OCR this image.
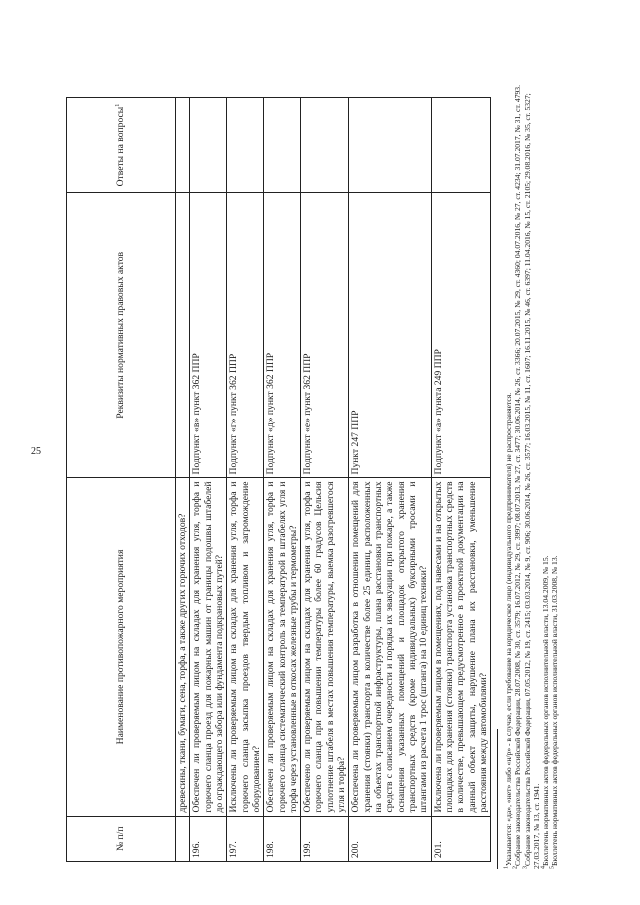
25
№ п/п	Наименование противопожарного мероприятия	Реквизиты нормативных правовых актов	Ответы на вопросы$^1$
	древесины, ткани, бумаги, сена, торфа, а также других горючих отходов?		
196.	Обеспечен ли проверяемым лицом на складах для хранения угля, торфа и горючего сланца проезд для пожарных машин от границы подошвы штабелей до ограждающего забора или фундамента подкрановых путей?	Подпункт «в» пункт 362 ППР	
197.	Исключены ли проверяемым лицом на складах для хранения угля, торфа и горючего сланца засыпка проездов твердым топливом и загромождение оборудованием?	Подпункт «г» пункт 362 ППР	
198.	Обеспечен ли проверяемым лицом на складах для хранения угля, торфа и горючего сланца систематический контроль за температурой в штабелях угля и торфа через установленные в откосах железные трубы и термометры?	Подпункт «д» пункт 362 ППР	
199.	Обеспечено ли проверяемым лицом на складах для хранения угля, торфа и горючего сланца при повышении температуры более 60 градусов Цельсия уплотнение штабеля в местах повышения температуры, выемка разогревшегося угля и торфа?	Подпункт «е» пункт 362 ППР	
200.	Обеспечена ли проверяемым лицом разработка в отношении помещений для хранения (стоянки) транспорта в количестве более 25 единиц, расположенных на объектах транспортной инфраструктуры, плана расстановки транспортных средств с описанием очередности и порядка их эвакуации при пожаре, а также оснащения указанных помещений и площадок открытого хранения транспортных средств (кроме индивидуальных) буксирными тросами и штангами из расчета 1 трос (штанга) на 10 единиц техники?	Пункт 247 ППР	
201.	Исключена ли проверяемым лицом в помещениях, под навесами и на открытых площадках для хранения (стоянки) транспорта установка транспортных средств в количестве, превышающем предусмотренное в проектной документации на данный объект защиты, нарушение плана их расстановки, уменьшение расстояния между автомобилями?	Подпункт «а» пункта 249 ППР	

$^1$Указывается: «да», «нет» либо «н/р» - в случае, если требование на юридическое лицо (индивидуального предпринимателя) не распространяется.

$^2$Собрание законодательства Российской Федерации, 28.07.2008, № 30, ст. 3579; 16.07.2012, № 29, ст. 3997; 08.07.2013, № 27, ст. 3477; 30.06.2014, № 26, ст. 3366; 20.07.2015, № 29, ст. 4360; 04.07.2016, № 27, ст. 4234; 31.07.2017, № 31, ст. 4793.

$^3$Собрание законодательства Российской Федерации, 07.05.2012, № 19, ст. 2415; 03.03.2014, № 9, ст. 906; 30.06.2014, № 26, ст. 3577; 16.03.2015, № 11, ст. 1607; 16.11.2015, № 46, ст. 6397; 11.04.2016, № 15, ст. 2105; 29.08.2016, № 35, ст. 5327; 27.03.2017, № 13, ст. 1941. $^4$Бюллетень нормативных актов федеральных органов исполнительной власти, 13.04.2009, № 15.

$^5$Бюллетень нормативных актов федеральных органов исполнительной власти, 31.03.2008, № 13.
